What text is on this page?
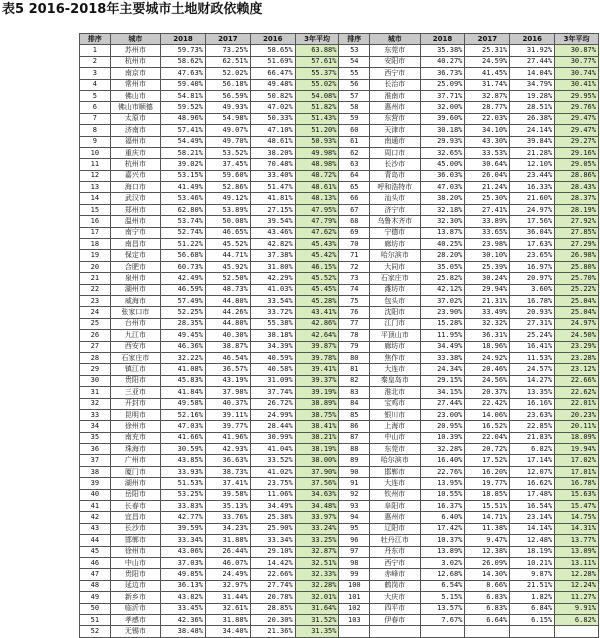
表5 2016-2018年主要城市土地财政依赖度
排序	城市	2018	2017	2016	3年平均	排序	城市	2018	2017	2016	3年平均
1	苏州市	59.73%	73.25%	58.65%	63.88%	53	东莞市	35.38%	25.31%	31.92%	30.87%
2	杭州市	58.62%	62.51%	51.69%	57.61%	54	安阳市	40.27%	24.59%	27.44%	30.77%
3	南京市	47.63%	52.02%	66.47%	55.37%	55	西宁市	36.73%	41.45%	14.04%	30.74%
4	常州市	59.40%	56.18%	49.48%	55.02%	56	长治市	25.09%	31.74%	34.79%	30.41%
5	佛山市	54.81%	56.59%	50.82%	54.08%	57	淮南市	37.71%	32.87%	19.28%	29.95%
6	佛山市顺德	59.52%	49.93%	47.02%	51.82%	58	惠州市	32.00%	28.77%	28.51%	29.76%
7	太原市	48.96%	54.98%	50.33%	51.43%	59	东营市	39.60%	22.03%	26.38%	29.47%
8	济南市	57.41%	49.07%	47.10%	51.20%	60	天津市	30.18%	34.10%	24.14%	29.47%
9	福州市	54.49%	49.70%	48.61%	50.93%	61	南通市	29.93%	43.30%	39.84%	29.27%
10	重庆市	58.21%	53.52%	38.20%	49.98%	62	周口市	32.65%	33.53%	21.28%	29.16%
11	杭州市	39.02%	37.45%	70.48%	48.98%	63	长沙市	45.00%	30.64%	12.10%	29.05%
12	嘉兴市	53.15%	59.60%	33.40%	48.72%	64	青岛市	36.03%	26.04%	23.44%	28.86%
13	海口市	41.49%	52.86%	51.47%	48.61%	65	呼和浩特市	47.03%	21.24%	16.33%	28.43%
14	武汉市	53.46%	49.12%	41.81%	48.13%	66	汕头市	38.20%	25.30%	21.60%	28.37%
15	郑州市	62.80%	53.89%	27.15%	47.95%	67	济宁市	32.18%	27.41%	24.97%	28.19%
16	温州市	53.74%	50.08%	39.54%	47.79%	68	乌鲁木齐市	32.30%	33.89%	17.56%	27.92%
17	南宁市	52.74%	46.65%	43.46%	47.62%	69	宁德市	13.87%	33.65%	36.04%	27.85%
18	南昌市	51.22%	45.52%	42.82%	45.43%	70	廊坊市	40.25%	23.98%	17.63%	27.29%
19	保定市	56.68%	44.71%	37.38%	45.42%	71	哈尔滨市	28.20%	30.10%	23.65%	26.98%
20	合肥市	60.73%	45.92%	31.80%	46.15%	72	大同市	35.05%	25.39%	16.97%	25.80%
21	泉州市	42.49%	52.50%	42.29%	45.52%	73	石家庄市	25.82%	30.24%	20.97%	25.70%
22	湖州市	46.59%	48.73%	41.03%	45.45%	74	潍坊市	42.12%	29.94%	3.60%	25.22%
23	威海市	57.49%	44.80%	33.54%	45.28%	75	包头市	37.02%	21.31%	16.78%	25.04%
24	张家口市	52.25%	44.26%	33.72%	43.41%	76	沈阳市	23.90%	33.49%	20.93%	25.04%
25	台州市	28.35%	44.80%	55.38%	42.86%	77	江门市	15.28%	32.32%	27.31%	24.97%
26	九江市	49.45%	40.30%	38.18%	42.64%	78	平顶山市	11.95%	36.31%	25.24%	24.50%
27	西安市	46.36%	38.87%	34.39%	39.87%	79	廊坊市	34.49%	18.96%	16.41%	23.29%
28	石家庄市	32.22%	46.54%	40.59%	39.78%	80	焦作市	33.38%	24.92%	11.53%	23.28%
29	镇江市	41.08%	36.57%	40.58%	39.41%	81	大连市	24.34%	20.46%	24.57%	23.12%
30	贵阳市	45.83%	43.19%	31.09%	39.37%	82	秦皇岛市	29.15%	24.56%	14.27%	22.66%
31	三亚市	41.84%	37.98%	37.74%	39.19%	83	淮北市	34.15%	20.37%	13.35%	22.62%
32	开封市	49.58%	40.37%	26.72%	38.89%	84	宝鸡市	27.44%	22.42%	16.16%	22.01%
33	昆明市	52.16%	39.11%	24.99%	38.75%	85	银川市	23.00%	14.06%	23.63%	20.23%
34	徐州市	47.03%	39.77%	28.44%	38.41%	86	上海市	20.95%	16.52%	22.85%	20.11%
35	南充市	41.66%	41.96%	30.99%	38.21%	87	中山市	10.39%	22.04%	21.83%	18.09%
36	珠海市	30.59%	42.93%	41.04%	38.19%	88	东莞市	32.28%	20.72%	6.82%	19.94%
37	广州市	43.85%	36.63%	33.52%	38.00%	89	哈尔滨市	16.40%	17.52%	17.14%	17.02%
38	厦门市	33.93%	38.73%	41.02%	37.90%	90	邯郸市	22.76%	16.20%	12.07%	17.01%
39	湖州市	51.53%	37.41%	23.75%	37.56%	91	大连市	13.95%	19.77%	16.62%	16.78%
40	岳阳市	53.25%	39.58%	11.06%	34.63%	92	钦州市	10.55%	18.85%	17.48%	15.63%
41	长春市	33.83%	35.13%	34.49%	34.48%	93	阜阳市	16.37%	15.51%	16.54%	15.47%
42	宜昌市	42.77%	33.76%	25.38%	33.97%	94	惠州市	6.40%	14.71%	23.14%	14.75%
43	长沙市	39.59%	34.23%	25.90%	33.24%	95	辽阳市	17.42%	11.38%	14.14%	14.31%
44	邯郸市	33.34%	31.88%	33.34%	33.25%	96	牡丹江市	10.37%	9.47%	12.48%	13.77%
45	徐州市	43.06%	26.44%	29.10%	32.87%	97	丹东市	13.89%	12.38%	18.19%	13.09%
46	中山市	37.03%	46.07%	14.42%	32.51%	98	西宁市	3.02%	26.09%	10.21%	13.11%
47	贵阳市	49.85%	24.49%	22.66%	32.33%	99	赤峰市	12.68%	14.30%	9.87%	12.28%
48	延边市	36.13%	32.97%	27.74%	32.28%	100	鹤岗市	6.54%	8.66%	21.51%	12.24%
49	新乡市	43.82%	31.44%	20.78%	32.01%	101	大庆市	5.15%	6.83%	1.82%	11.27%
50	临沂市	33.45%	32.61%	28.85%	31.64%	102	四平市	13.57%	6.83%	6.84%	9.91%
51	孝感市	42.36%	31.88%	20.30%	31.52%	103	伊春市	7.67%	6.64%	6.15%	6.82%
52	无锡市	38.48%	34.40%	21.36%	31.35%						
